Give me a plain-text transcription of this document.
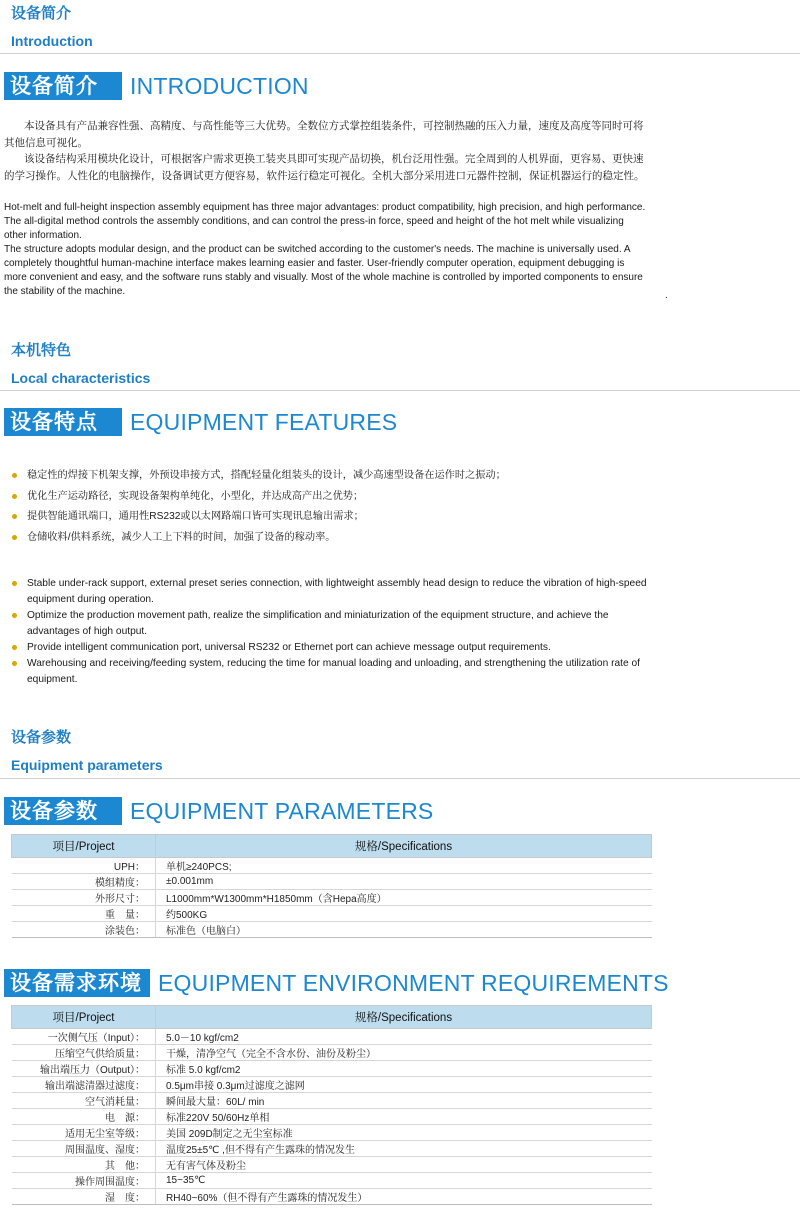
设备简介
Introduction
设备简介	INTRODUCTION

本设备具有产品兼容性强、高精度、与高性能等三大优势。全数位方式掌控组装条件，可控制热融的压入力量，速度及高度等同时可将其他信息可视化。

该设备结构采用模块化设计，可根据客户需求更换工装夹具即可实现产品切换，机台泛用性强。完全周到的人机界面，更容易、更快速的学习操作。人性化的电脑操作，设备调试更方便容易，软件运行稳定可视化。全机大部分采用进口元器件控制，保证机器运行的稳定性。

Hot-melt and full-height inspection assembly equipment has three major advantages: product compatibility, high precision, and high performance. The all-digital method controls the assembly conditions, and can control the press-in force, speed and height of the hot melt while visualizing other information.

The structure adopts modular design, and the product can be switched according to the customer's needs. The machine is universally used. A completely thoughtful human-machine interface makes learning easier and faster. User-friendly computer operation, equipment debugging is more convenient and easy, and the software runs stably and visually. Most of the whole machine is controlled by imported components to ensure the stability of the machine.	.
本机特色
Local characteristics
设备特点	EQUIPMENT FEATURES
稳定性的焊接下机架支撑，外预设串接方式，搭配轻量化组装头的设计，减少高速型设备在运作时之振动；
优化生产运动路径，实现设备架构单纯化，小型化，并达成高产出之优势；
提供智能通讯端口，通用性RS232或以太网路端口皆可实现讯息输出需求；
仓储收料/供料系统，减少人工上下料的时间，加强了设备的稼动率。
Stable under-rack support, external preset series connection, with lightweight assembly head design to reduce the vibration of high-speed equipment during operation.
Optimize the production movement path, realize the simplification and miniaturization of the equipment structure, and achieve the advantages of high output.
Provide intelligent communication port, universal RS232 or Ethernet port can achieve message output requirements.
Warehousing and receiving/feeding system, reducing the time for manual loading and unloading, and strengthening the utilization rate of equipment.
设备参数
Equipment parameters
设备参数	EQUIPMENT PARAMETERS
项目/Project	规格/Specifications
UPH：	单机≥240PCS;
模组精度：	±0.001mm
外形尺寸：	L1000mm*W1300mm*H1850mm（含Hepa高度）
重　量：	约500KG
涂装色：	标准色（电脑白）
设备需求环境 EQUIPMENT ENVIRONMENT REQUIREMENTS
项目/Project	规格/Specifications
一次侧气压（Input）：	5.0－10 kgf/cm2
压缩空气供给质量：	干燥，清净空气（完全不含水份、油份及粉尘）
输出端压力（Output）：	标准 5.0 kgf/cm2
输出端滤清器过滤度：	0.5μm串接 0.3μm过滤度之滤网
空气消耗量：	瞬间最大量：60L/ min
电　源：	标准220V 50/60Hz单相
适用无尘室等级：	美国 209D制定之无尘室标准
周围温度、湿度：	温度25±5℃ ,但不得有产生露珠的情况发生
其　他：	无有害气体及粉尘
操作周围温度：	15~35℃
湿　度：	RH40~60%（但不得有产生露珠的情况发生）
